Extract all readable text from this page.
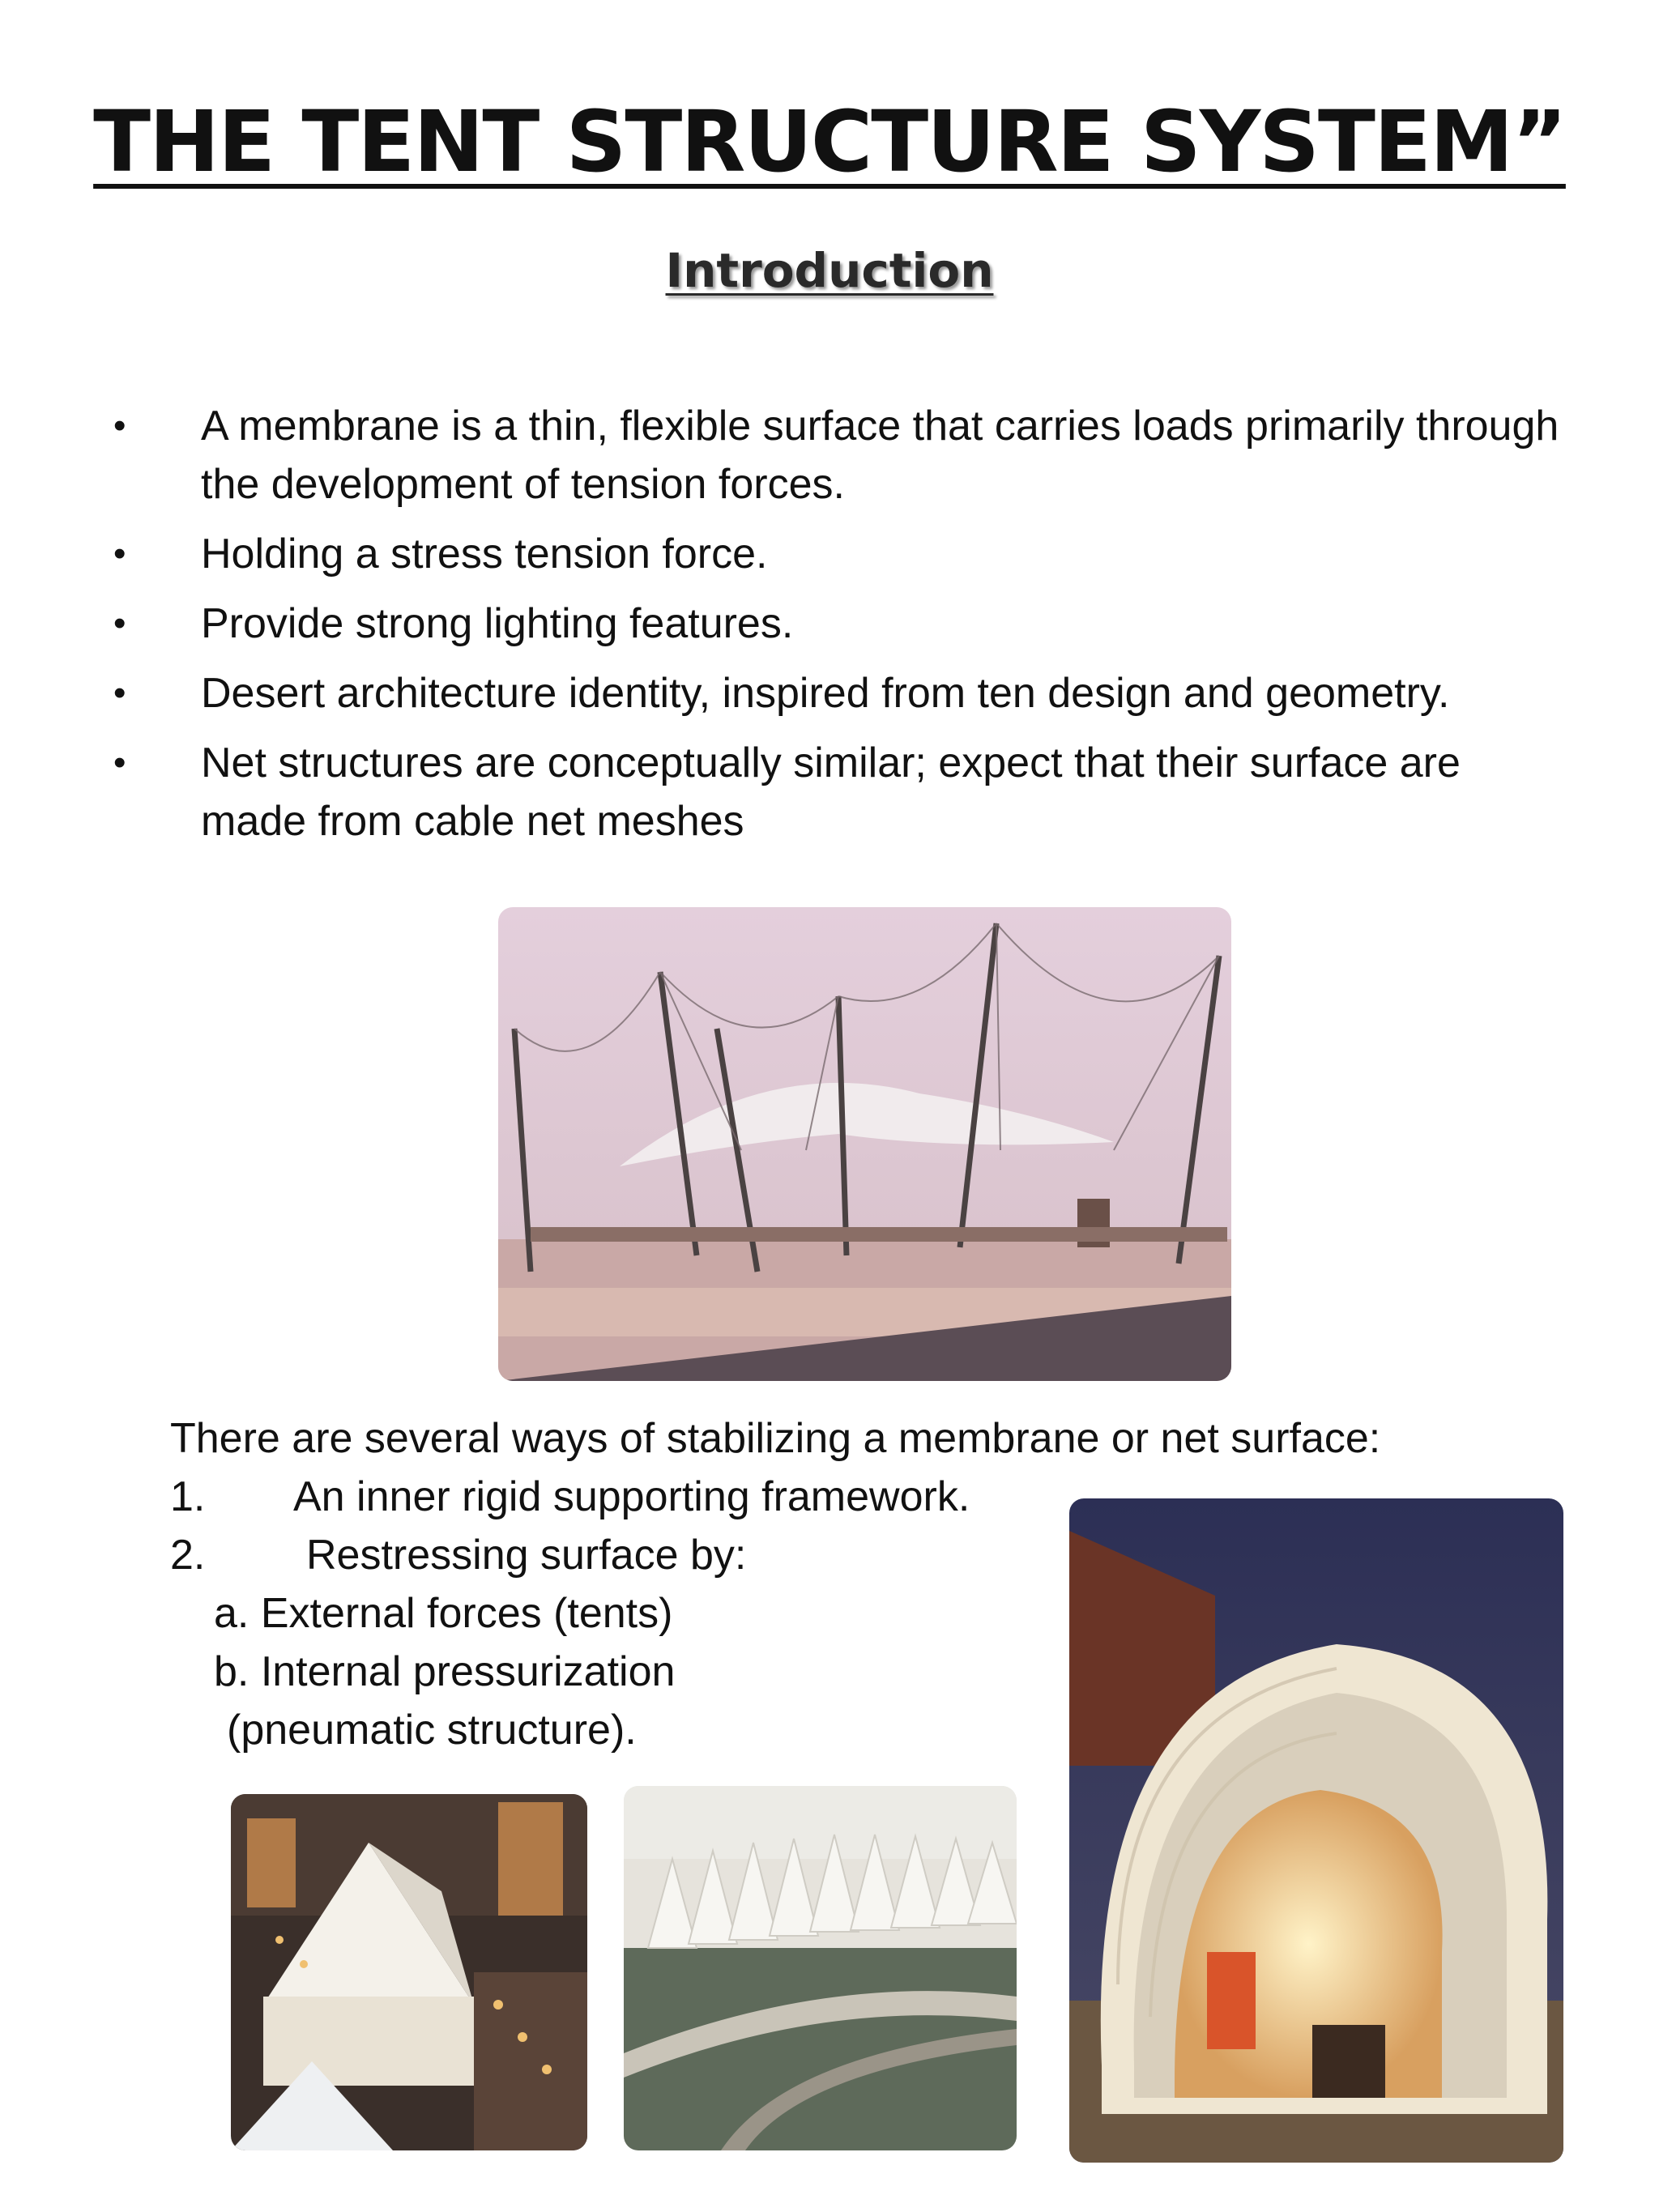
THE TENT STRUCTURE SYSTEM”
Introduction
•	A membrane is a thin, flexible surface that carries loads primarily through the development of tension forces.
•	Holding a stress tension force.
•	Provide strong lighting features.
•	Desert architecture identity, inspired from ten design and geometry.
•	Net structures are conceptually similar; expect that their surface are made from cable net meshes
There are several ways of stabilizing a membrane or net surface:
1. An inner rigid supporting framework.
2. Restressing surface by:
a. External forces (tents)
b. Internal pressurization
(pneumatic structure).
